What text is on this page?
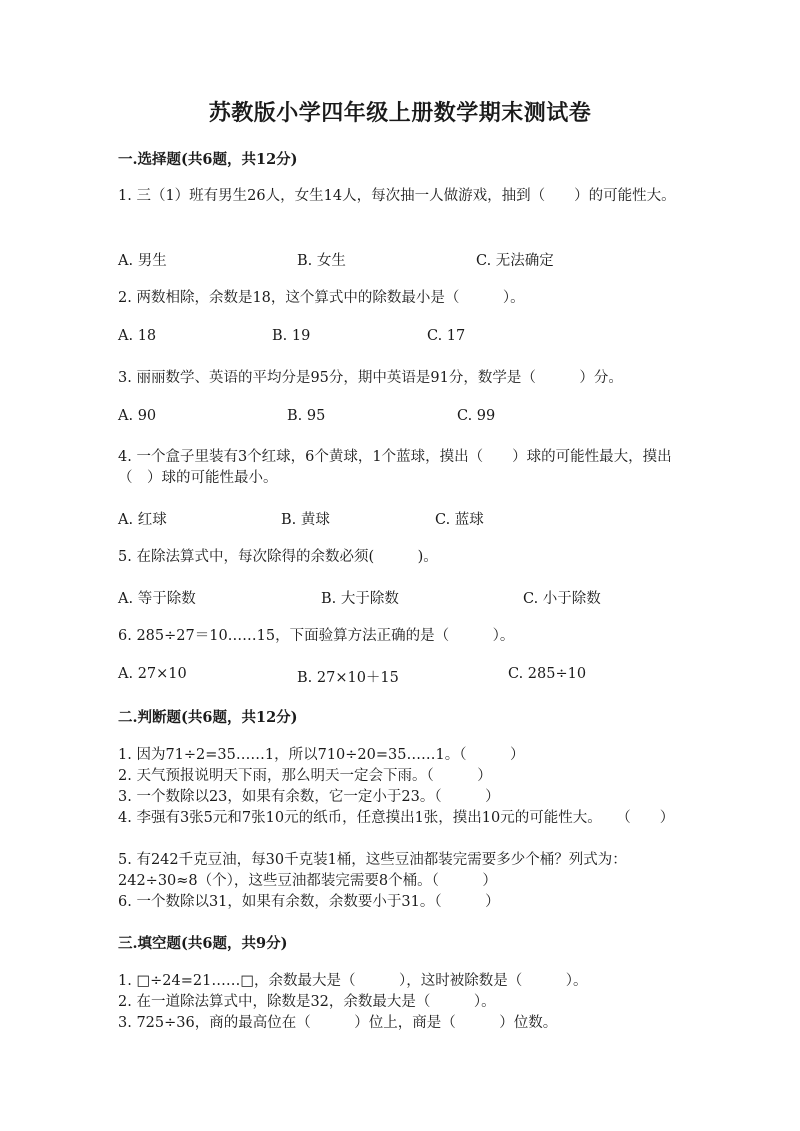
苏教版小学四年级上册数学期末测试卷
一.选择题(共6题，共12分)
1. 三（1）班有男生26人，女生14人，每次抽一人做游戏，抽到（　　）的可能性大。
A. 男生	B. 女生	C. 无法确定
2. 两数相除，余数是18，这个算式中的除数最小是（　　　）。
A. 18	B. 19	C. 17
3. 丽丽数学、英语的平均分是95分，期中英语是91分，数学是（　　　）分。
A. 90	B. 95	C. 99
4. 一个盒子里装有3个红球，6个黄球，1个蓝球，摸出（　　）球的可能性最大，摸出（　）球的可能性最小。
A. 红球	B. 黄球	C. 蓝球
5. 在除法算式中，每次除得的余数必须(　　　)。
A. 等于除数	B. 大于除数	C. 小于除数
6. 285÷27＝10……15，下面验算方法正确的是（　　　）。
A. 27×10	B. 27×10＋15	C. 285÷10
二.判断题(共6题，共12分)
1. 因为71÷2=35……1，所以710÷20=35……1。（　　　）
2. 天气预报说明天下雨，那么明天一定会下雨。（　　　）
3. 一个数除以23，如果有余数，它一定小于23。（　　　）
4. 李强有3张5元和7张10元的纸币，任意摸出1张，摸出10元的可能性大。　　（　　）
5. 有242千克豆油，每30千克装1桶，这些豆油都装完需要多少个桶？列式为：242÷30≈8（个），这些豆油都装完需要8个桶。（　　　）
6. 一个数除以31，如果有余数，余数要小于31。（　　　）
三.填空题(共6题，共9分)
1. □÷24=21……□，余数最大是（　　　），这时被除数是（　　　）。
2. 在一道除法算式中，除数是32，余数最大是（　　　）。
3. 725÷36，商的最高位在（　　　）位上，商是（　　　）位数。
